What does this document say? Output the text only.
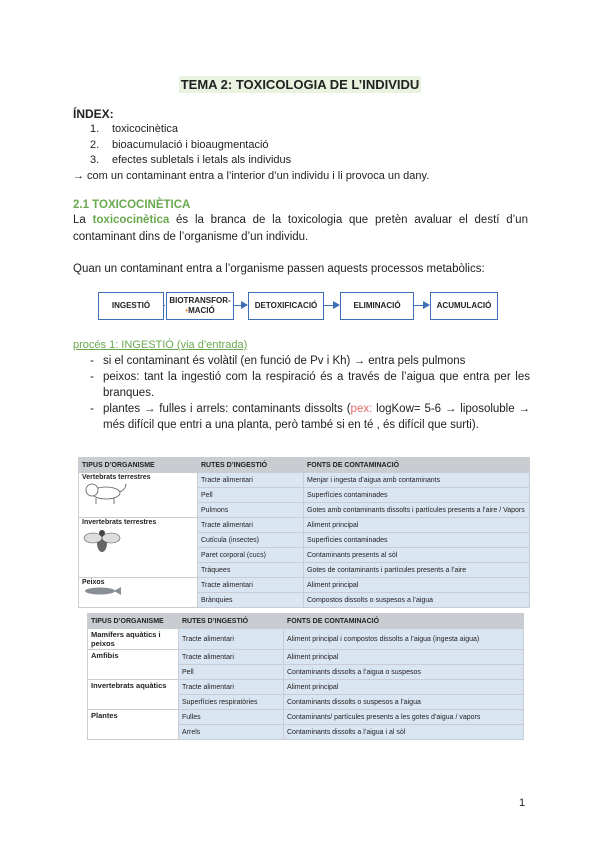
TEMA 2: TOXICOLOGIA DE L’INDIVIDU
ÍNDEX:
1. toxicocinètica
2. bioacumulació i bioaugmentació
3. efectes subletals i letals als individus
→ com un contaminant entra a l’interior d’un individu i li provoca un dany.
2.1 TOXICOCINÈTICA
La toxicocinètica és la branca de la toxicologia que pretèn avaluar el destí d’un contaminant dins de l’organisme d’un individu.
Quan un contaminant entra a l’organisme passen aquests processos metabòlics:
INGESTIÓ
BIOTRANSFOR-
•MACIÓ
DETOXIFICACIÓ	ELIMINACIÓ	ACUMULACIÓ
procés 1: INGESTIÓ (via d’entrada)
- si el contaminant és volàtil (en funció de Pv i Kh) → entra pels pulmons
- peixos: tant la ingestió com la respiració és a través de l’aigua que entra per les branques.
- plantes → fulles i arrels: contaminants dissolts (pex: logKow= 5-6 → liposoluble → més difícil que entri a una planta, però també si en té , és difícil que surti).
TIPUS D’ORGANISME	RUTES D’INGESTIÓ	FONTS DE CONTAMINACIÓ

Vertebrats terrestres	Tracte alimentari	Menjar i ingesta d’aigua amb contaminants
	Pell	Superfícies contaminades
	Pulmons	Gotes amb contaminants dissolts i partícules presents a l’aire / Vapors

Invertebrats terrestres	Tracte alimentari	Aliment principal
	Cutícula (insectes)	Superfícies contaminades
	Paret corporal (cucs)	Contaminants presents al sòl
	Tràquees	Gotes de contaminants i partícules presents a l’aire

Peixos	Tracte alimentari	Aliment principal
	Brànquies	Compostos dissolts o suspesos a l’aigua
TIPUS D’ORGANISME	RUTES D’INGESTIÓ	FONTS DE CONTAMINACIÓ
Mamífers aquàtics i peixos	Tracte alimentari	Aliment principal i compostos dissolts a l’aigua (ingesta aigua)
Amfibis	Tracte alimentari	Aliment principal
	Pell	Contaminants dissolts a l’aigua o suspesos
Invertebrats aquàtics	Tracte alimentari	Aliment principal
	Superfícies respiratòries	Contaminants dissolts o suspesos a l’aigua
Plantes	Fulles	Contaminants/ partícules presents a les gotes d’aigua / vapors
	Arrels	Contaminants dissolts a l’aigua i al sòl
1
